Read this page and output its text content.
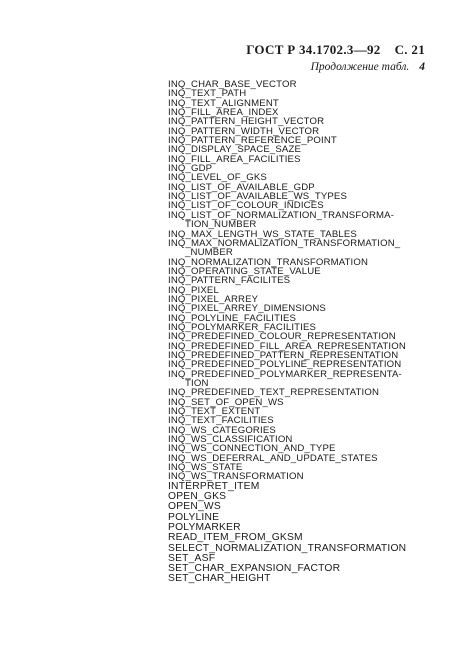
ГОСТ Р 34.1702.3—92 С. 21
Продолжение табл. 4
INQ_CHAR_BASE_VECTOR
INQ_TEXT_PATH
INQ_TEXT_ALIGNMENT
INQ_FILL_AREA_INDEX
INQ_PATTERN_HEIGHT_VECTOR
INQ_PATTERN_WIDTH_VECTOR
INQ_PATTERN_REFERENCE_POINT
INQ_DISPLAY_SPACE_SAZE
INQ_FILL_AREA_FACILITIES
INQ_GDP
INQ_LEVEL_OF_GKS
INQ_LIST_OF_AVAILABLE_GDP
INQ_LIST_OF_AVAILABLE_WS_TYPES
INQ_LIST_OF_COLOUR_INDICES
INQ_LIST_OF_NORMALIZATION_TRANSFORMA-
TION_NUMBER
INQ_MAX_LENGTH_WS_STATE_TABLES
INQ_MAX_NORMALIZATION_TRANSFORMATION_
_NUMBER
INQ_NORMALIZATION_TRANSFORMATION
INQ_OPERATING_STATE_VALUE
INQ_PATTERN_FACILITES
INQ_PIXEL
INQ_PIXEL_ARREY
INQ_PIXEL_ARREY_DIMENSIONS
INQ_POLYLINE_FACILITIES
INQ_POLYMARKER_FACILITIES
INQ_PREDEFINED_COLOUR_REPRESENTATION
INQ_PREDEFINED_FILL_AREA_REPRESENTATION
INQ_PREDEFINED_PATTERN_REPRESENTATION
INQ_PREDEFINED_POLYLINE_REPRESENTATION
INQ_PREDEFINED_POLYMARKER_REPRESENTA-
TION
INQ_PREDEFINED_TEXT_REPRESENTATION
INQ_SET_OF_OPEN_WS
INQ_TEXT_EXTENT
INQ_TEXT_FACILITIES
INQ_WS_CATEGORIES
INQ_WS_CLASSIFICATION
INQ_WS_CONNECTION_AND_TYPE
INQ_WS_DEFERRAL_AND_UPDATE_STATES
INQ_WS_STATE
INQ_WS_TRANSFORMATION
INTERPRET_ITEM
OPEN_GKS
OPEN_WS
POLYLINE
POLYMARKER
READ_ITEM_FROM_GKSM
SELECT_NORMALIZATION_TRANSFORMATION
SET_ASF
SET_CHAR_EXPANSION_FACTOR
SET_CHAR_HEIGHT
